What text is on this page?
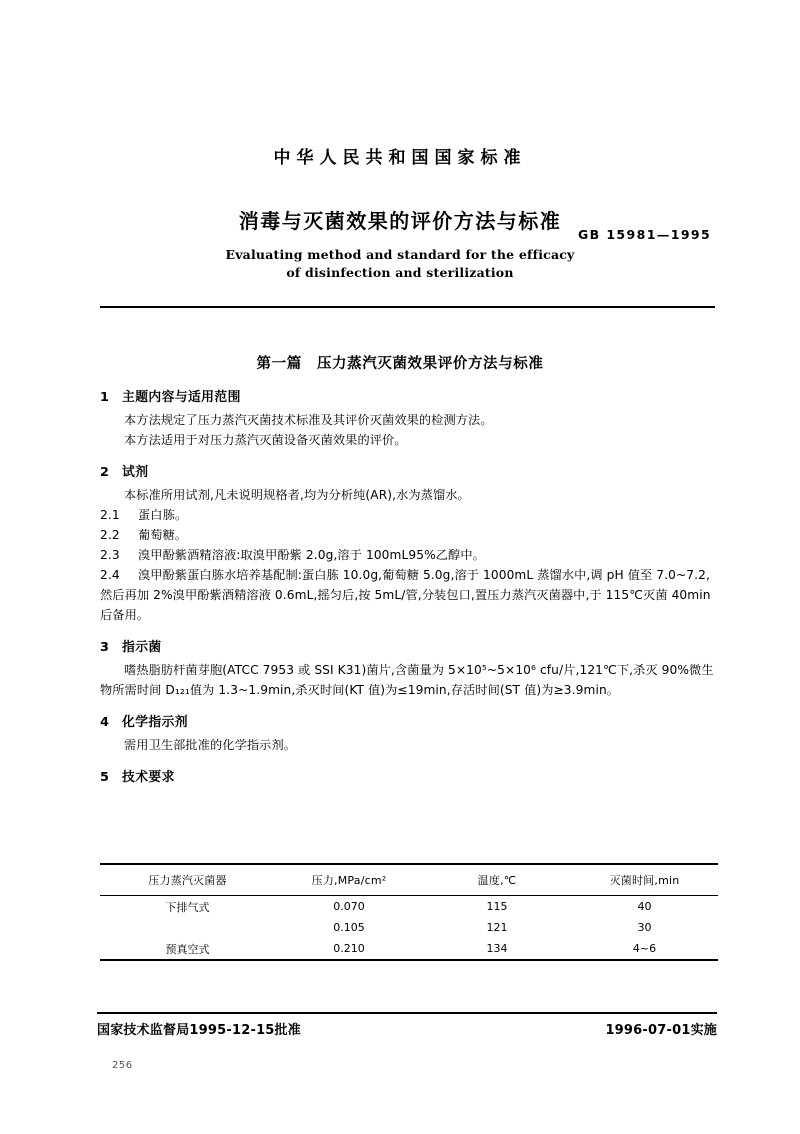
中华人民共和国国家标准
消毒与灭菌效果的评价方法与标准
GB 15981—1995
Evaluating method and standard for the efficacy
of disinfection and sterilization
第一篇　压力蒸汽灭菌效果评价方法与标准
1 主题内容与适用范围
本方法规定了压力蒸汽灭菌技术标准及其评价灭菌效果的检测方法。
本方法适用于对压力蒸汽灭菌设备灭菌效果的评价。
2 试剂
本标准所用试剂,凡未说明规格者,均为分析纯(AR),水为蒸馏水。
2.1 蛋白胨。
2.2 葡萄糖。
2.3 溴甲酚紫酒精溶液:取溴甲酚紫 2.0g,溶于 100mL95%乙醇中。
2.4 溴甲酚紫蛋白胨水培养基配制:蛋白胨 10.0g,葡萄糖 5.0g,溶于 1000mL 蒸馏水中,调 pH 值至 7.0~7.2,然后再加 2%溴甲酚紫酒精溶液 0.6mL,摇匀后,按 5mL/管,分装包口,置压力蒸汽灭菌器中,于 115℃灭菌 40min 后备用。
3 指示菌
嗜热脂肪杆菌芽胞(ATCC 7953 或 SSI K31)菌片,含菌量为 5×10⁵~5×10⁶ cfu/片,121℃下,杀灭 90%微生物所需时间 D₁₂₁值为 1.3~1.9min,杀灭时间(KT 值)为≤19min,存活时间(ST 值)为≥3.9min。
4 化学指示剂
需用卫生部批准的化学指示剂。
5 技术要求
压力蒸汽灭菌器	压力,MPa/cm²	温度,℃	灭菌时间,min
下排气式	0.070	115	40
	0.105	121	30
预真空式	0.210	134	4~6
国家技术监督局1995-12-15批准	1996-07-01实施
256
